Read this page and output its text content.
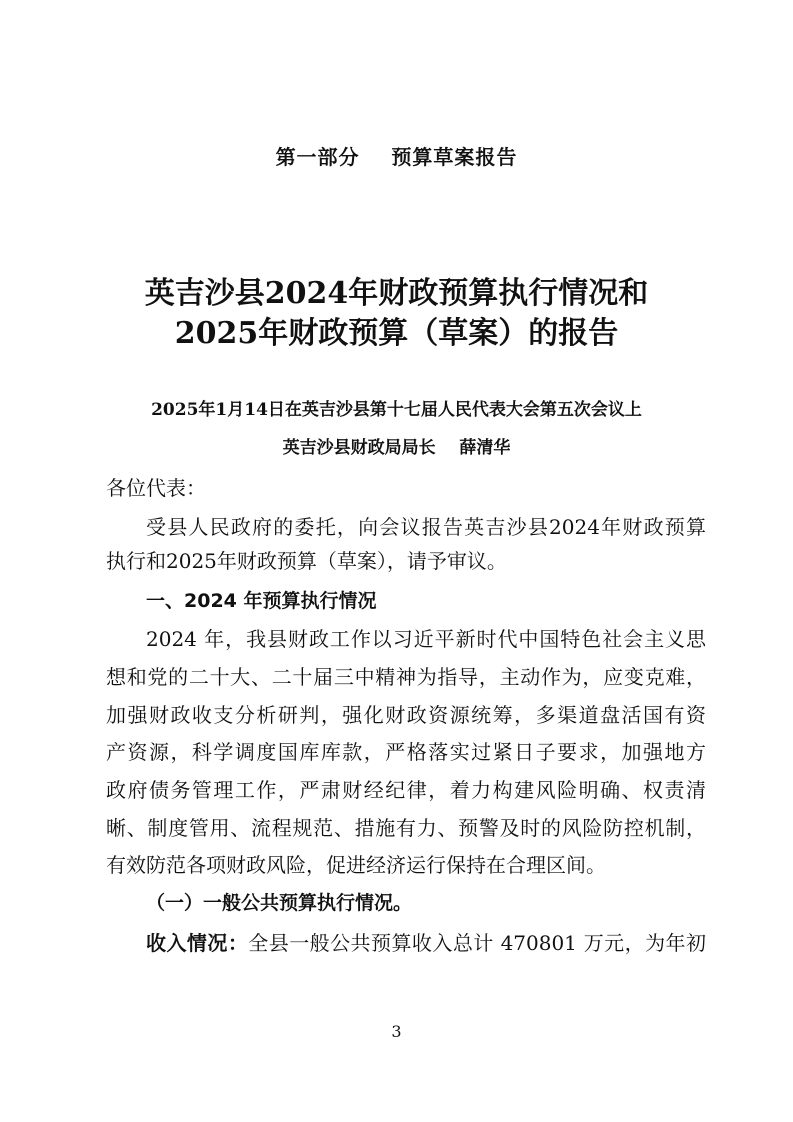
第一部分    预算草案报告
英吉沙县2024年财政预算执行情况和
2025年财政预算（草案）的报告
2025年1月14日在英吉沙县第十七届人民代表大会第五次会议上
英吉沙县财政局局长    薛清华
各位代表：
受县人民政府的委托，向会议报告英吉沙县2024年财政预算
执行和2025年财政预算（草案），请予审议。
一、2024 年预算执行情况
2024 年，我县财政工作以习近平新时代中国特色社会主义思
想和党的二十大、二十届三中精神为指导，主动作为，应变克难，
加强财政收支分析研判，强化财政资源统筹，多渠道盘活国有资
产资源，科学调度国库库款，严格落实过紧日子要求，加强地方
政府债务管理工作，严肃财经纪律，着力构建风险明确、权责清
晰、制度管用、流程规范、措施有力、预警及时的风险防控机制，
有效防范各项财政风险，促进经济运行保持在合理区间。
（一）一般公共预算执行情况。
收入情况：全县一般公共预算收入总计 470801 万元，为年初
3
